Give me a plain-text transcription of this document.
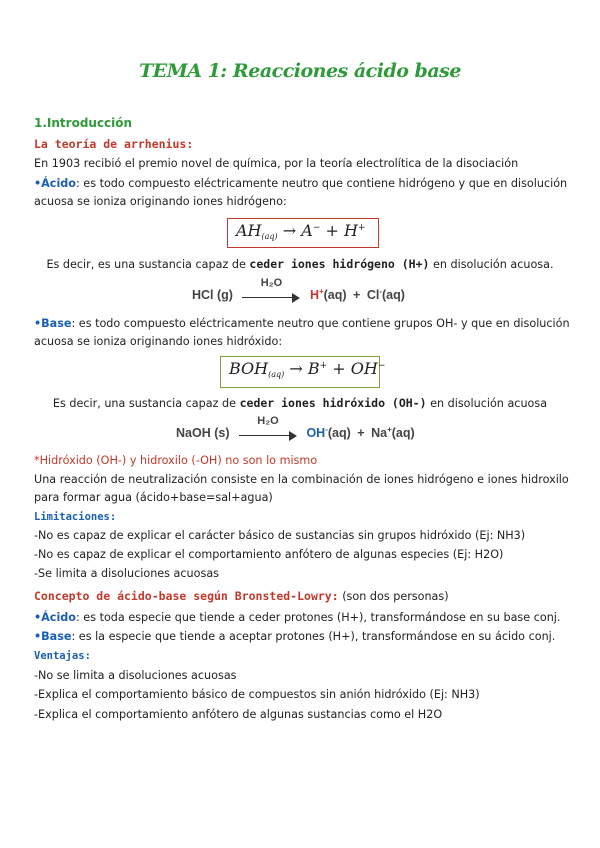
TEMA 1: Reacciones ácido base
1.Introducción
La teoría de arrhenius:
En 1903 recibió el premio novel de química, por la teoría electrolítica de la disociación
•Ácido: es todo compuesto eléctricamente neutro que contiene hidrógeno y que en disolución
acuosa se ioniza originando iones hidrógeno:
$AH_{(aq)} \to A^- + H^+$
Es decir, es una sustancia capaz de ceder iones hidrógeno (H+) en disolución acuosa.
HCl (g)
H₂O
H+(aq) + Cl-(aq)
•Base: es todo compuesto eléctricamente neutro que contiene grupos OH- y que en disolución
acuosa se ioniza originando iones hidróxido:
$BOH_{(aq)} \to B^+ + OH^-$
Es decir, una sustancia capaz de ceder iones hidróxido (OH-) en disolución acuosa
NaOH (s)
H₂O
OH-(aq) + Na+(aq)
*Hidróxido (OH-) y hidroxilo (-OH) no son lo mismo
Una reacción de neutralización consiste en la combinación de iones hidrógeno e iones hidroxilo
para formar agua (ácido+base=sal+agua)
Limitaciones:
-No es capaz de explicar el carácter básico de sustancias sin grupos hidróxido (Ej: NH3)
-No es capaz de explicar el comportamiento anfótero de algunas especies (Ej: H2O)
-Se limita a disoluciones acuosas
Concepto de ácido-base según Bronsted-Lowry: (son dos personas)
•Ácido: es toda especie que tiende a ceder protones (H+), transformándose en su base conj.
•Base: es la especie que tiende a aceptar protones (H+), transformándose en su ácido conj.
Ventajas:
-No se limita a disoluciones acuosas
-Explica el comportamiento básico de compuestos sin anión hidróxido (Ej: NH3)
-Explica el comportamiento anfótero de algunas sustancias como el H2O
